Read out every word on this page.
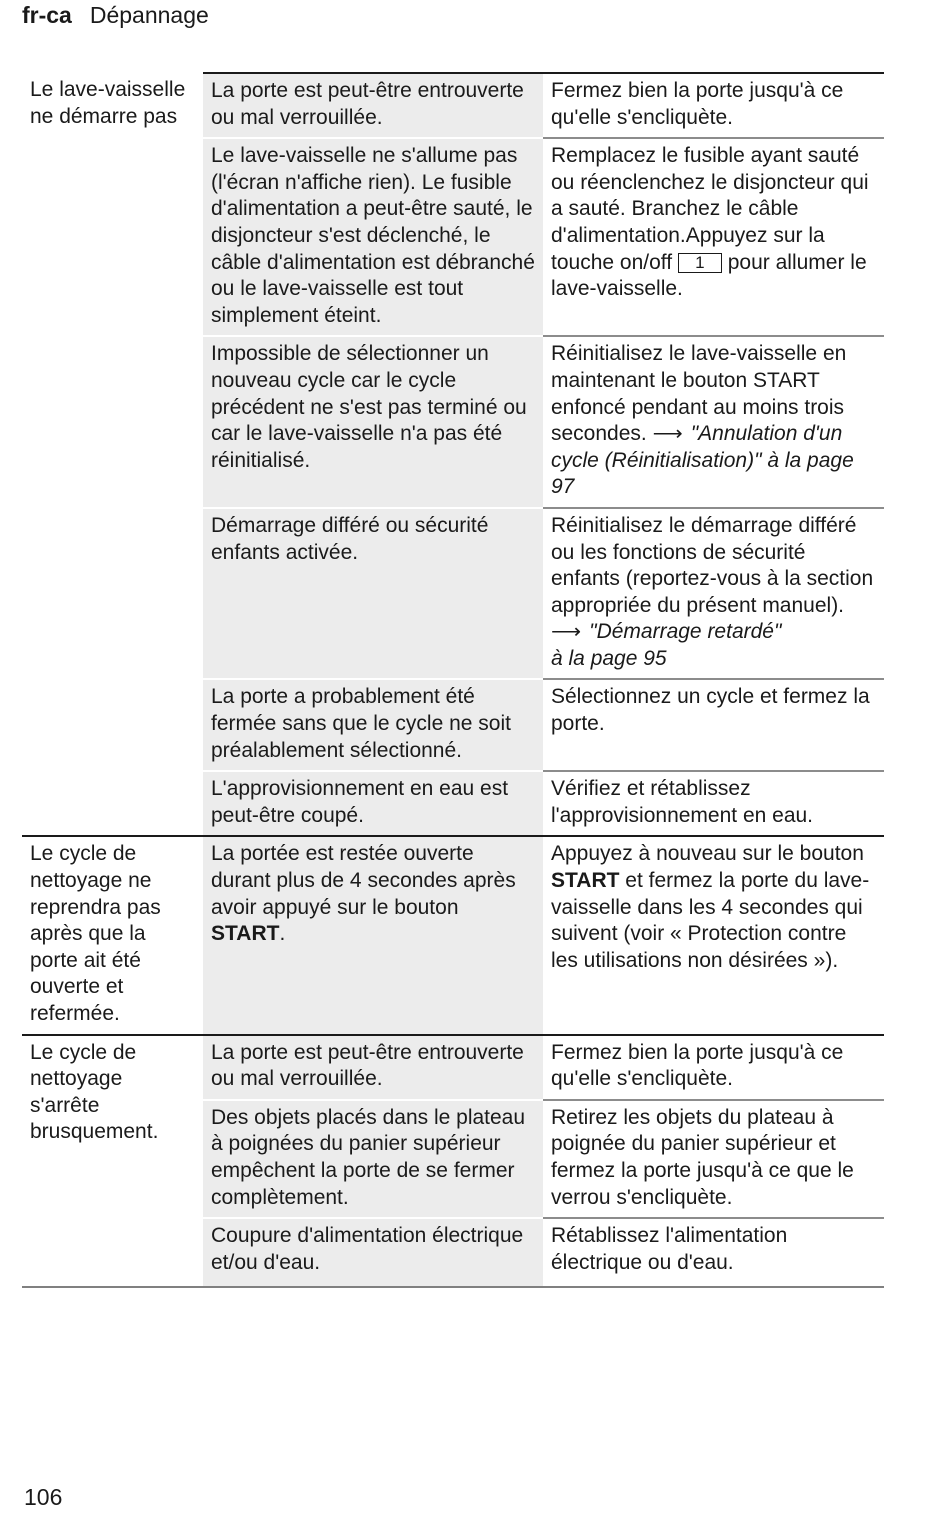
fr-ca Dépannage
Le lave-vaisselle ne démarre pas	La porte est peut-être entrouverte ou mal verrouillée.	Fermez bien la porte jusqu'à ce qu'elle s'encliquète.
	Le lave-vaisselle ne s'allume pas (l'écran n'affiche rien). Le fusible d'alimentation a peut-être sauté, le disjoncteur s'est déclenché, le câble d'alimentation est débranché ou le lave-vaisselle est tout simplement éteint.	Remplacez le fusible ayant sauté ou réenclenchez le disjoncteur qui a sauté. Branchez le câble d'alimentation.Appuyez sur la touche on/off 1 pour allumer le lave-vaisselle.
	Impossible de sélectionner un nouveau cycle car le cycle précédent ne s'est pas terminé ou car le lave-vaisselle n'a pas été réinitialisé.	Réinitialisez le lave-vaisselle en maintenant le bouton START enfoncé pendant au moins trois secondes. ⟶ "Annulation d'un cycle (Réinitialisation)" à la page 97
	Démarrage différé ou sécurité enfants activée.	Réinitialisez le démarrage différé ou les fonctions de sécurité enfants (reportez-vous à la section appropriée du présent manuel).
⟶ "Démarrage retardé"
à la page 95
	La porte a probablement été fermée sans que le cycle ne soit préalablement sélectionné.	Sélectionnez un cycle et fermez la porte.
	L'approvisionnement en eau est peut-être coupé.	Vérifiez et rétablissez l'approvisionnement en eau.
Le cycle de nettoyage ne reprendra pas après que la porte ait été ouverte et refermée.	La portée est restée ouverte durant plus de 4 secondes après avoir appuyé sur le bouton START.	Appuyez à nouveau sur le bouton START et fermez la porte du lave-vaisselle dans les 4 secondes qui suivent (voir « Protection contre les utilisations non désirées »).
Le cycle de nettoyage s'arrête brusquement.	La porte est peut-être entrouverte ou mal verrouillée.	Fermez bien la porte jusqu'à ce qu'elle s'encliquète.
	Des objets placés dans le plateau à poignées du panier supérieur empêchent la porte de se fermer complètement.	Retirez les objets du plateau à poignée du panier supérieur et fermez la porte jusqu'à ce que le verrou s'encliquète.
	Coupure d'alimentation électrique et/ou d'eau.	Rétablissez l'alimentation électrique ou d'eau.
106
